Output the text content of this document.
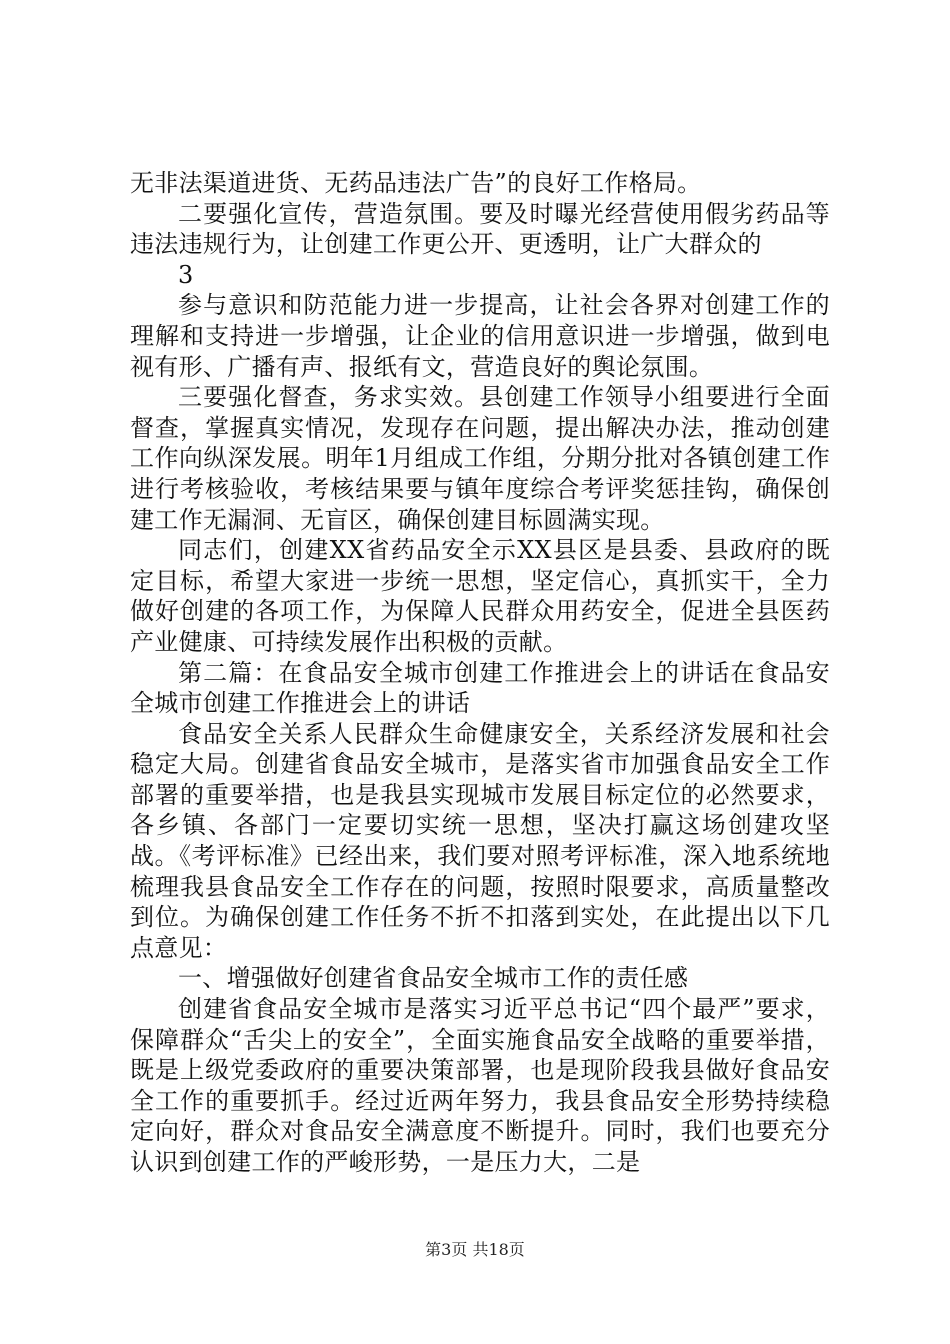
无非法渠道进货、无药品违法广告”的良好工作格局。

二要强化宣传，营造氛围。要及时曝光经营使用假劣药品等违法违规行为，让创建工作更公开、更透明，让广大群众的

3

参与意识和防范能力进一步提高，让社会各界对创建工作的理解和支持进一步增强，让企业的信用意识进一步增强，做到电视有形、广播有声、报纸有文，营造良好的舆论氛围。

三要强化督查，务求实效。县创建工作领导小组要进行全面督查，掌握真实情况，发现存在问题，提出解决办法，推动创建工作向纵深发展。明年1月组成工作组，分期分批对各镇创建工作进行考核验收，考核结果要与镇年度综合考评奖惩挂钩，确保创建工作无漏洞、无盲区，确保创建目标圆满实现。

同志们，创建XX省药品安全示XX县区是县委、县政府的既定目标，希望大家进一步统一思想，坚定信心，真抓实干，全力做好创建的各项工作，为保障人民群众用药安全，促进全县医药产业健康、可持续发展作出积极的贡献。

第二篇：在食品安全城市创建工作推进会上的讲话在食品安全城市创建工作推进会上的讲话

食品安全关系人民群众生命健康安全，关系经济发展和社会稳定大局。创建省食品安全城市，是落实省市加强食品安全工作部署的重要举措，也是我县实现城市发展目标定位的必然要求，各乡镇、各部门一定要切实统一思想，坚决打赢这场创建攻坚战。《考评标准》已经出来，我们要对照考评标准，深入地系统地梳理我县食品安全工作存在的问题，按照时限要求，高质量整改到位。为确保创建工作任务不折不扣落到实处，在此提出以下几点意见：

一、增强做好创建省食品安全城市工作的责任感

创建省食品安全城市是落实习近平总书记“四个最严”要求，保障群众“舌尖上的安全”，全面实施食品安全战略的重要举措，既是上级党委政府的重要决策部署，也是现阶段我县做好食品安全工作的重要抓手。经过近两年努力，我县食品安全形势持续稳定向好，群众对食品安全满意度不断提升。同时，我们也要充分认识到创建工作的严峻形势，一是压力大，二是

第3页 共18页
